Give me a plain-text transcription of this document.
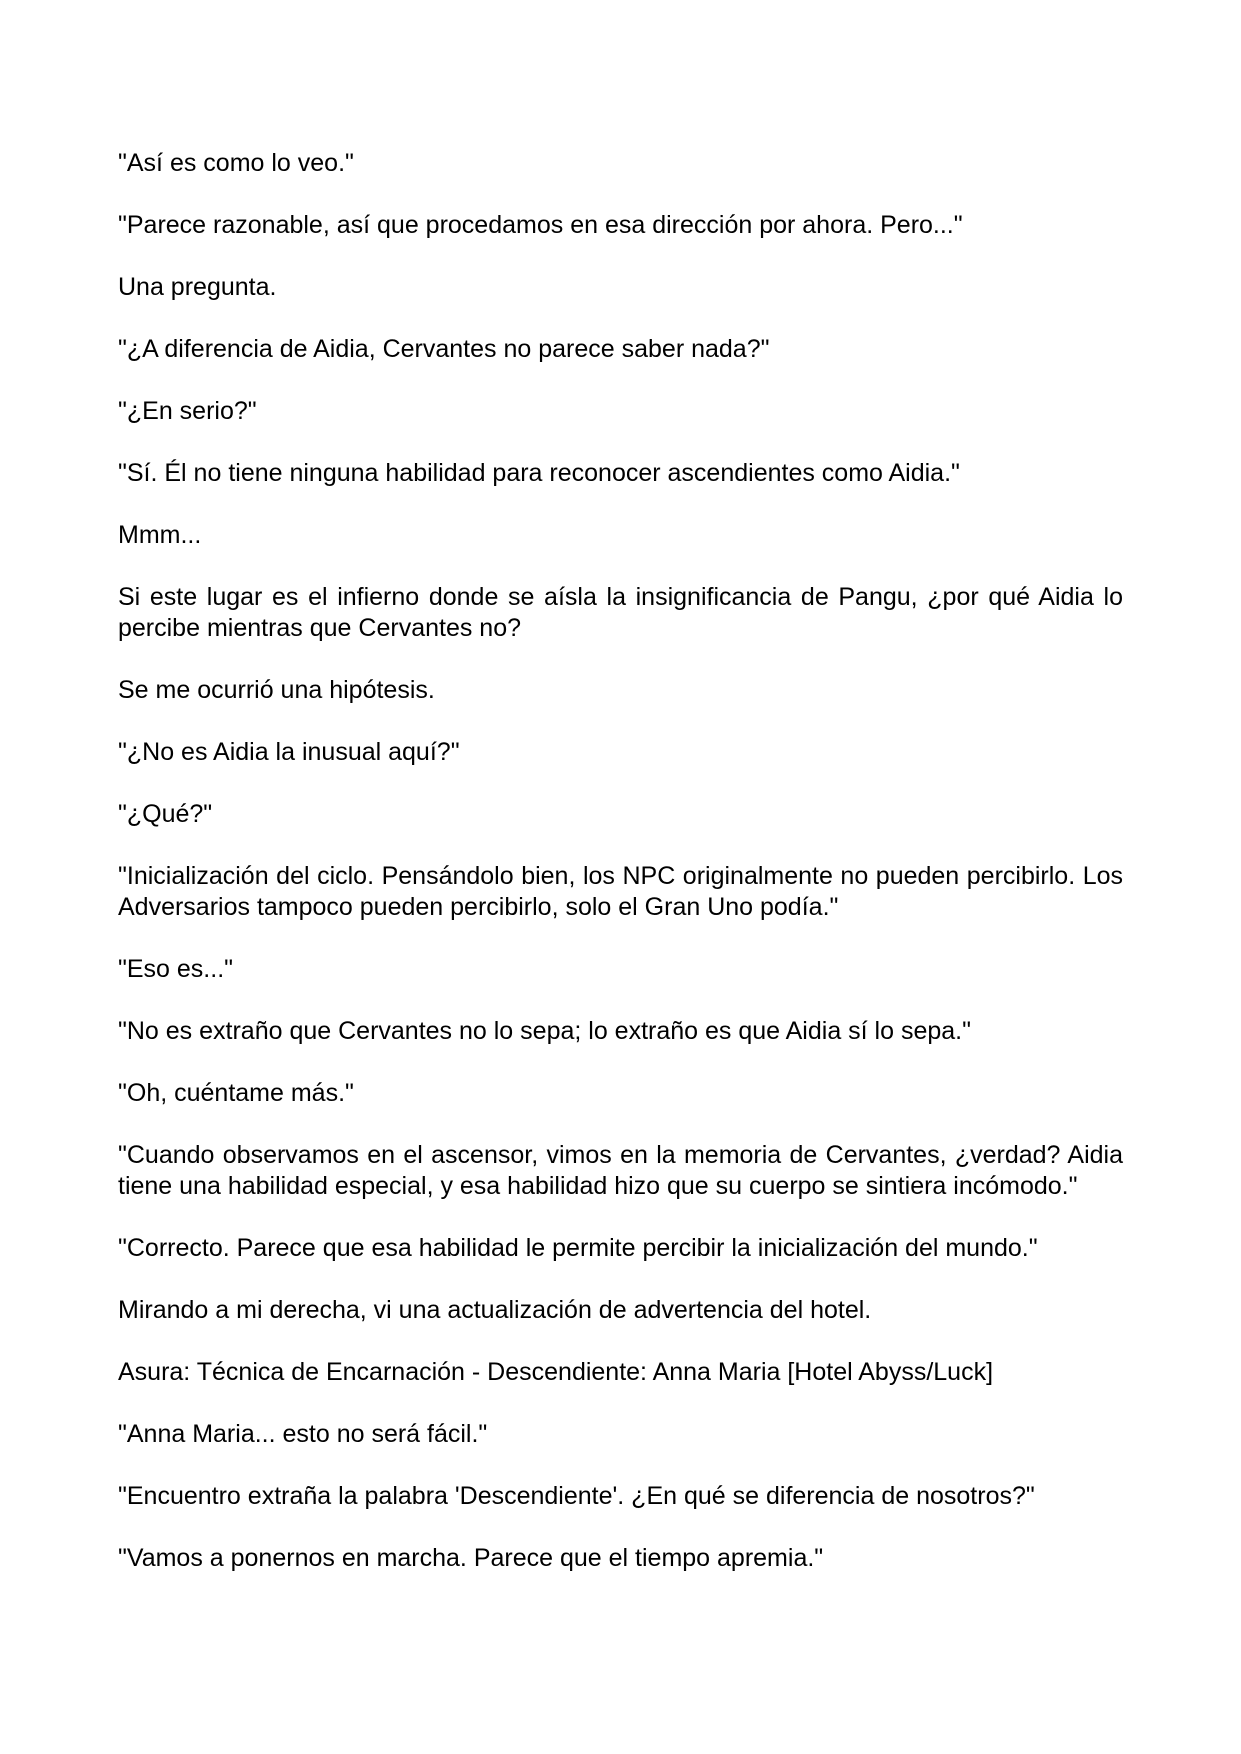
"Así es como lo veo."

"Parece razonable, así que procedamos en esa dirección por ahora. Pero..."

Una pregunta.

"¿A diferencia de Aidia, Cervantes no parece saber nada?"

"¿En serio?"

"Sí. Él no tiene ninguna habilidad para reconocer ascendientes como Aidia."

Mmm...

Si este lugar es el infierno donde se aísla la insignificancia de Pangu, ¿por qué Aidia lo percibe mientras que Cervantes no?

Se me ocurrió una hipótesis.

"¿No es Aidia la inusual aquí?"

"¿Qué?"

"Inicialización del ciclo. Pensándolo bien, los NPC originalmente no pueden percibirlo. Los Adversarios tampoco pueden percibirlo, solo el Gran Uno podía."

"Eso es..."

"No es extraño que Cervantes no lo sepa; lo extraño es que Aidia sí lo sepa."

"Oh, cuéntame más."

"Cuando observamos en el ascensor, vimos en la memoria de Cervantes, ¿verdad? Aidia tiene una habilidad especial, y esa habilidad hizo que su cuerpo se sintiera incómodo."

"Correcto. Parece que esa habilidad le permite percibir la inicialización del mundo."

Mirando a mi derecha, vi una actualización de advertencia del hotel.

Asura: Técnica de Encarnación - Descendiente: Anna Maria [Hotel Abyss/Luck]

"Anna Maria... esto no será fácil."

"Encuentro extraña la palabra 'Descendiente'. ¿En qué se diferencia de nosotros?"

"Vamos a ponernos en marcha. Parece que el tiempo apremia."
